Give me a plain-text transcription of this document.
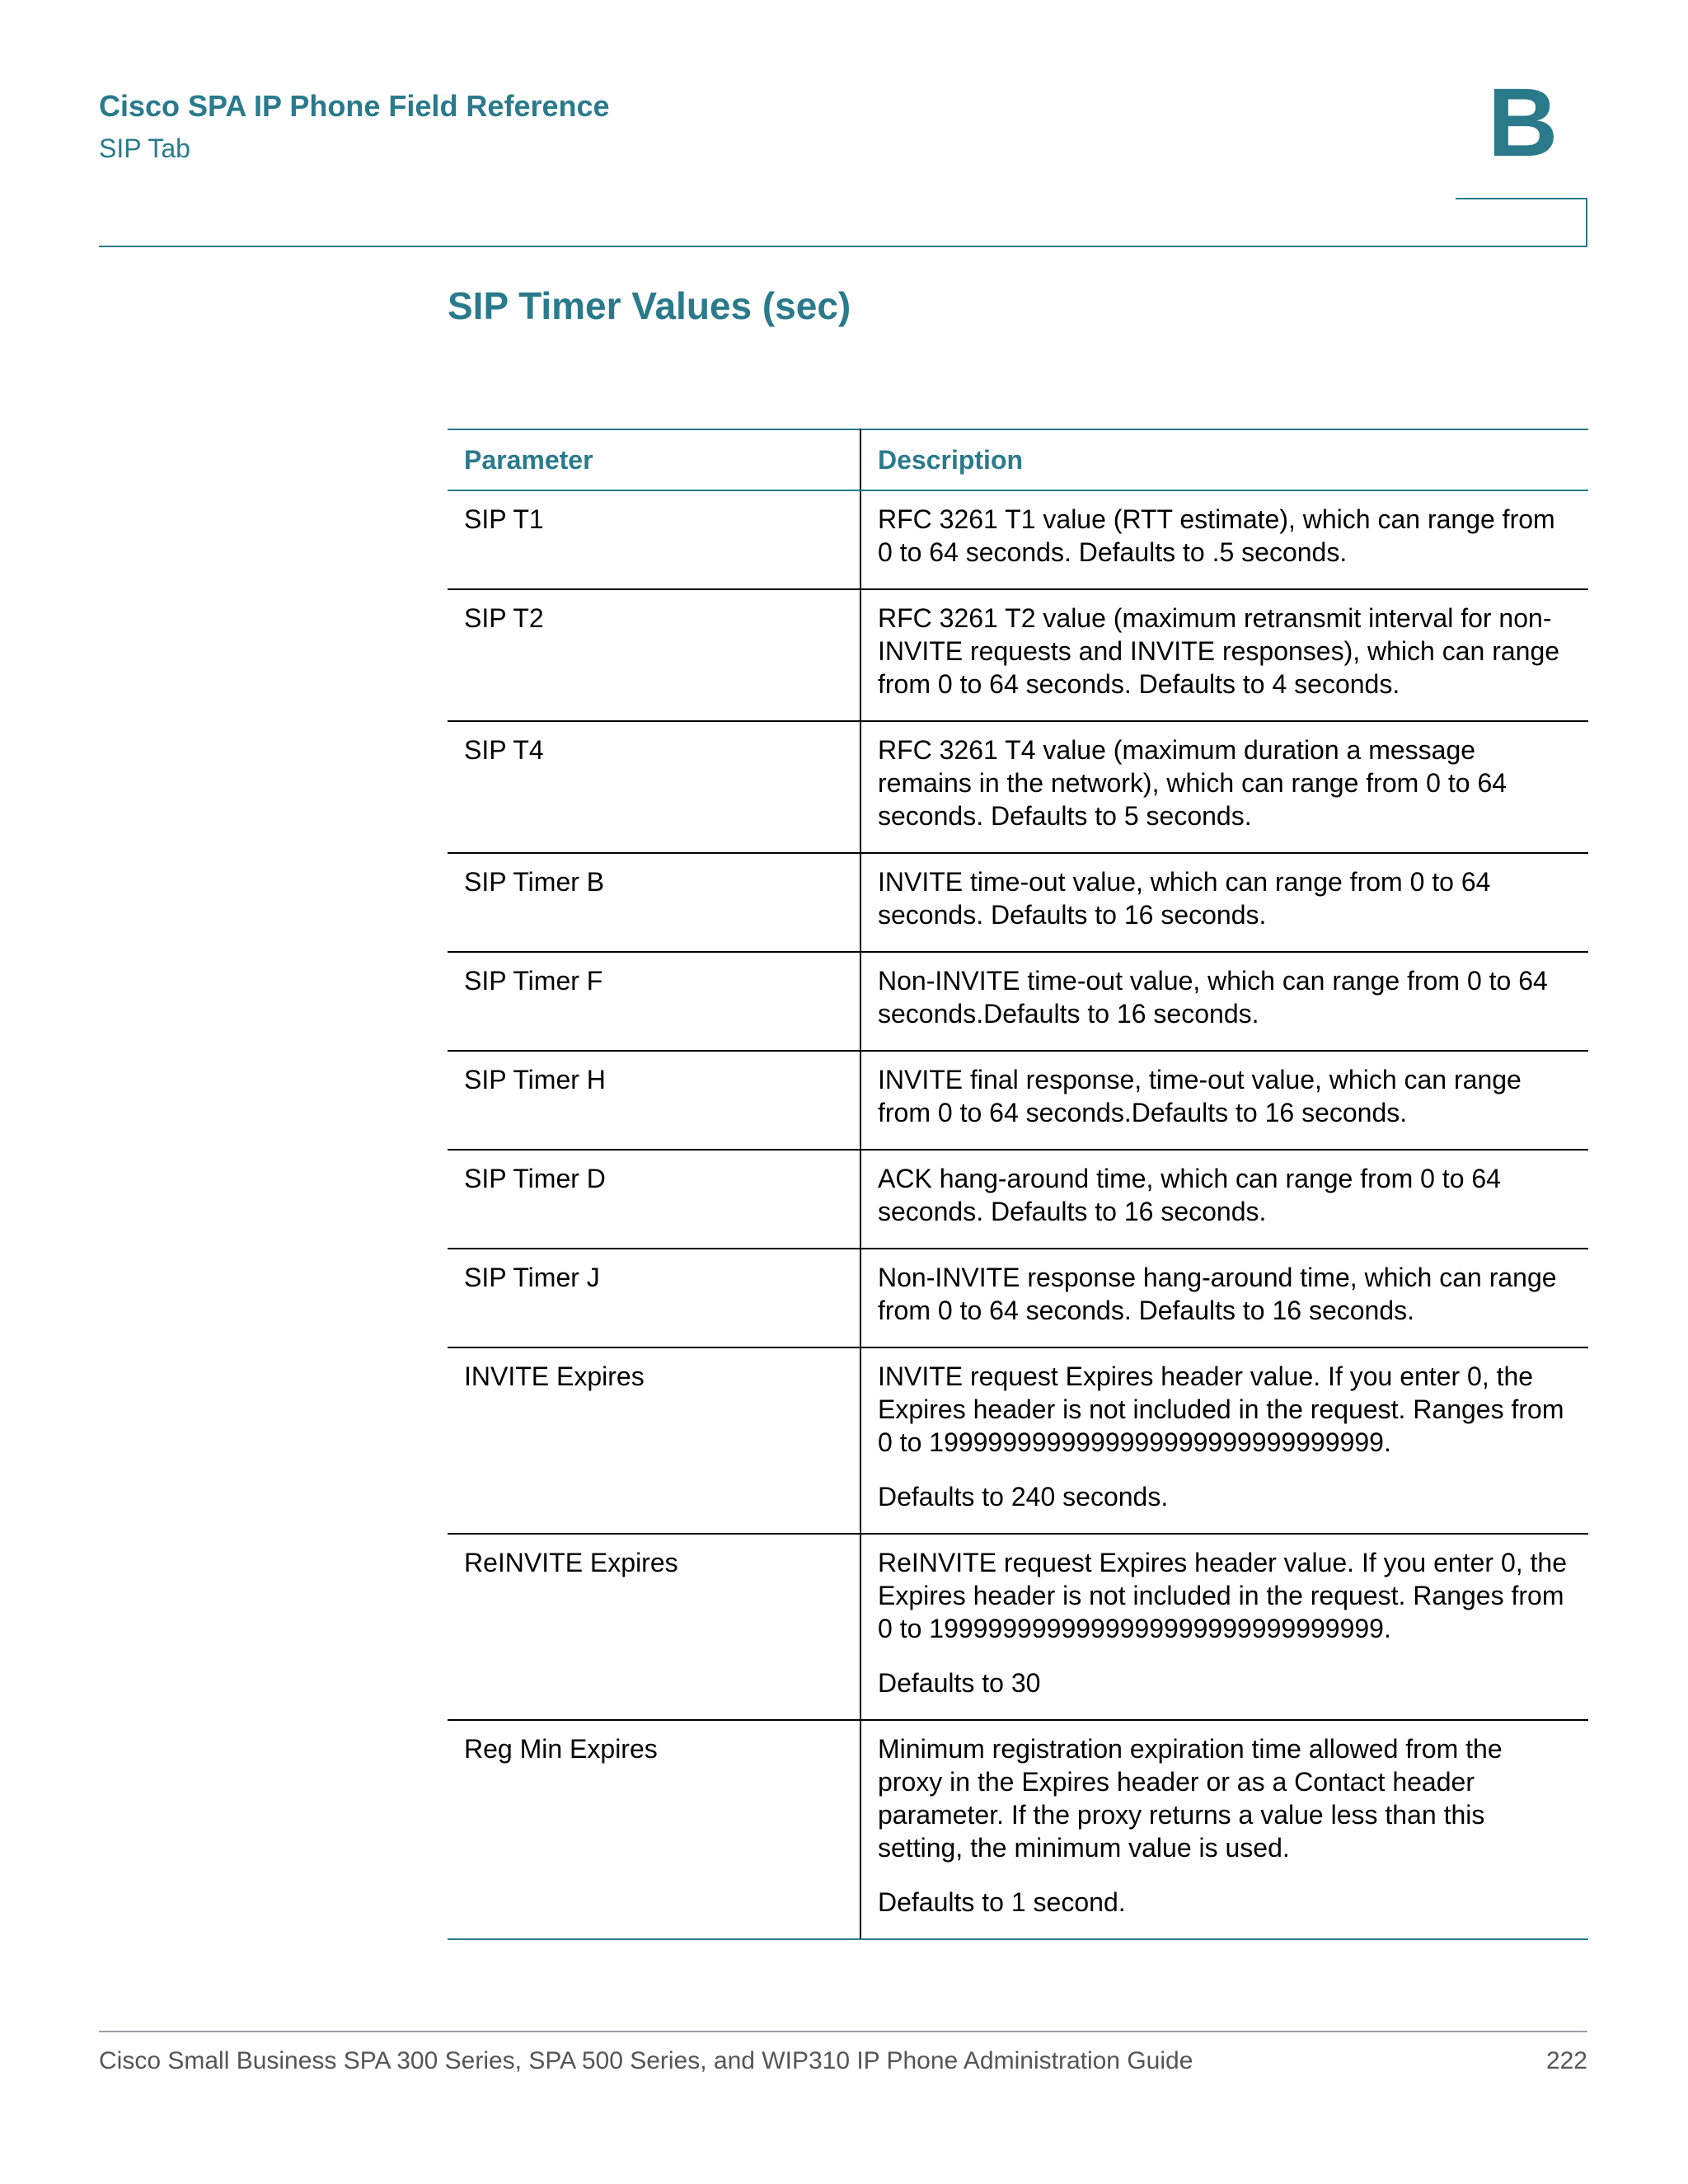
Cisco SPA IP Phone Field Reference
SIP Tab	B
SIP Timer Values (sec)
Parameter	Description
SIP T1	RFC 3261 T1 value (RTT estimate), which can range from 0 to 64 seconds. Defaults to .5 seconds.

SIP T2	RFC 3261 T2 value (maximum retransmit interval for non-INVITE requests and INVITE responses), which can range from 0 to 64 seconds. Defaults to 4 seconds.

SIP T4	RFC 3261 T4 value (maximum duration a message remains in the network), which can range from 0 to 64 seconds. Defaults to 5 seconds.

SIP Timer B	INVITE time-out value, which can range from 0 to 64 seconds. Defaults to 16 seconds.

SIP Timer F	Non-INVITE time-out value, which can range from 0 to 64 seconds.Defaults to 16 seconds.

SIP Timer H	INVITE final response, time-out value, which can range from 0 to 64 seconds.Defaults to 16 seconds.

SIP Timer D	ACK hang-around time, which can range from 0 to 64 seconds. Defaults to 16 seconds.

SIP Timer J	Non-INVITE response hang-around time, which can range from 0 to 64 seconds. Defaults to 16 seconds.

INVITE Expires	INVITE request Expires header value. If you enter 0, the Expires header is not included in the request. Ranges from 0 to 1999999999999999999999999999999.

Defaults to 240 seconds.

ReINVITE Expires	ReINVITE request Expires header value. If you enter 0, the Expires header is not included in the request. Ranges from 0 to 1999999999999999999999999999999.

Defaults to 30

Reg Min Expires	Minimum registration expiration time allowed from the proxy in the Expires header or as a Contact header parameter. If the proxy returns a value less than this setting, the minimum value is used.

Defaults to 1 second.

Cisco Small Business SPA 300 Series, SPA 500 Series, and WIP310 IP Phone Administration Guide	222
